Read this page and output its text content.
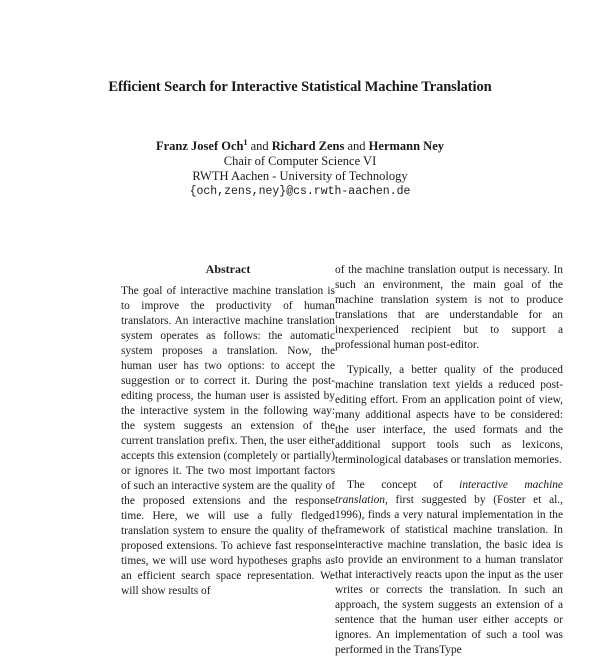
Efficient Search for Interactive Statistical Machine Translation
Franz Josef Och$^1$ and Richard Zens and Hermann Ney
Chair of Computer Science VI
RWTH Aachen - University of Technology
{och,zens,ney}@cs.rwth-aachen.de
Abstract

The goal of interactive machine translation is to improve the productivity of human translators. An interactive machine translation system operates as follows: the automatic system proposes a translation. Now, the human user has two options: to accept the suggestion or to correct it. During the post-editing process, the human user is assisted by the interactive system in the following way: the system suggests an extension of the current translation prefix. Then, the user either accepts this extension (completely or partially) or ignores it. The two most important factors of such an interactive system are the quality of the proposed extensions and the response time. Here, we will use a fully fledged translation system to ensure the quality of the proposed extensions. To achieve fast response times, we will use word hypotheses graphs as an efficient search space representation. We will show results of

of the machine translation output is necessary. In such an environment, the main goal of the machine translation system is not to produce translations that are understandable for an inexperienced recipient but to support a professional human post-editor.

Typically, a better quality of the produced machine translation text yields a reduced post-editing effort. From an application point of view, many additional aspects have to be considered: the user interface, the used formats and the additional support tools such as lexicons, terminological databases or translation memories.

The concept of interactive machine translation, first suggested by (Foster et al., 1996), finds a very natural implementation in the framework of statistical machine translation. In interactive machine translation, the basic idea is to provide an environment to a human translator that interactively reacts upon the input as the user writes or corrects the translation. In such an approach, the system suggests an extension of a sentence that the human user either accepts or ignores. An implementation of such a tool was performed in the TransType
